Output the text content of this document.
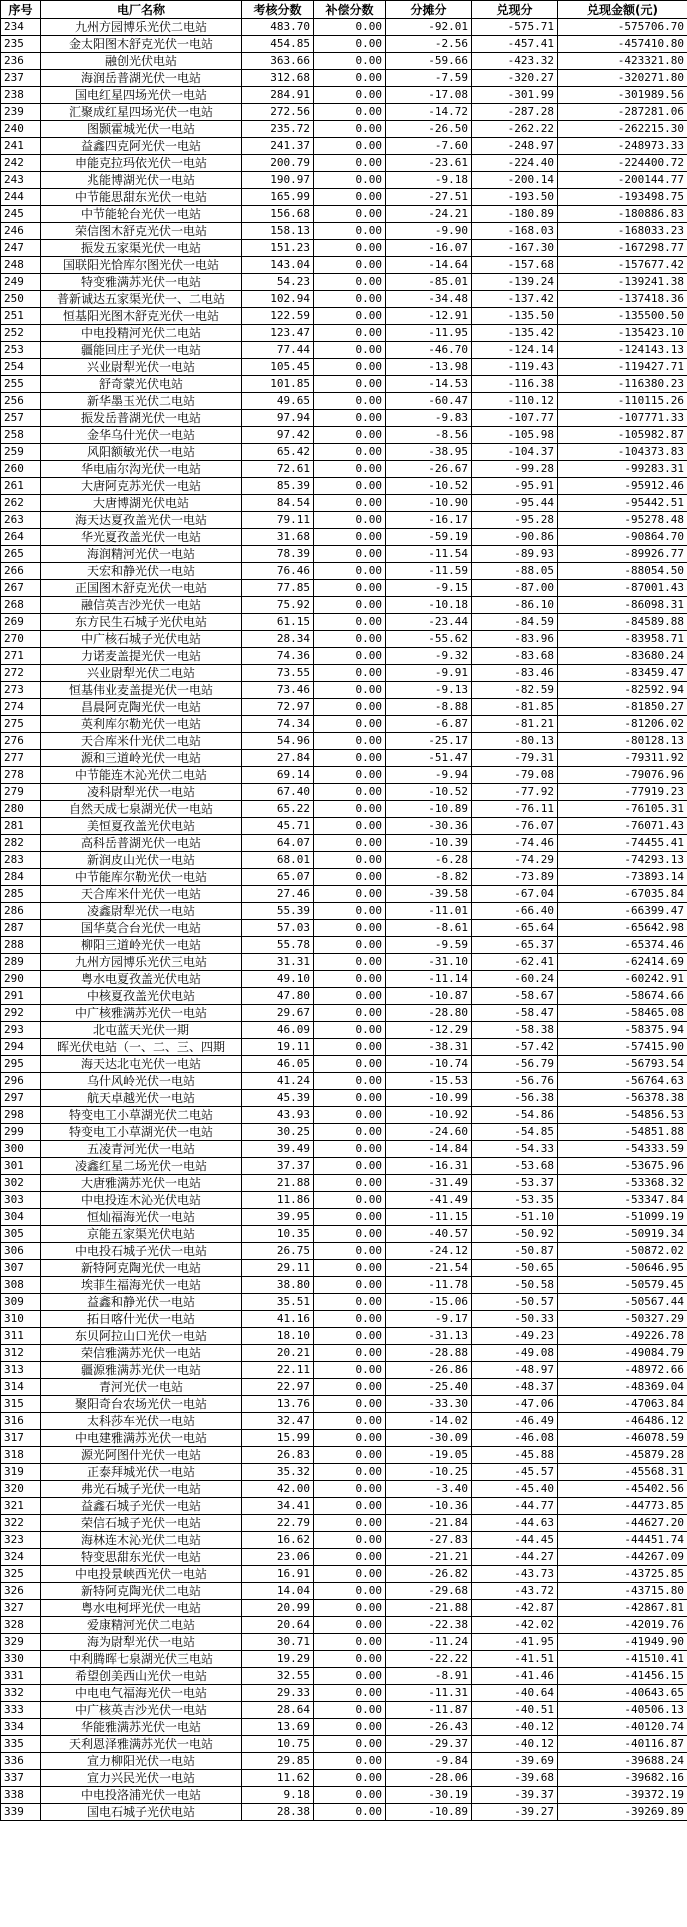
序号	电厂名称	考核分数	补偿分数	分摊分	兑现分	兑现金额(元)
234	九州方园博乐光伏二电站	483.70	0.00	-92.01	-575.71	-575706.70
235	金太阳图木舒克光伏一电站	454.85	0.00	-2.56	-457.41	-457410.80
236	融创光伏电站	363.66	0.00	-59.66	-423.32	-423321.80
237	海润岳普湖光伏一电站	312.68	0.00	-7.59	-320.27	-320271.80
238	国电红星四场光伏一电站	284.91	0.00	-17.08	-301.99	-301989.56
239	汇聚成红星四场光伏一电站	272.56	0.00	-14.72	-287.28	-287281.06
240	图颢霍城光伏一电站	235.72	0.00	-26.50	-262.22	-262215.30
241	益鑫四克阿光伏一电站	241.37	0.00	-7.60	-248.97	-248973.33
242	申能克拉玛依光伏一电站	200.79	0.00	-23.61	-224.40	-224400.72
243	兆能博湖光伏一电站	190.97	0.00	-9.18	-200.14	-200144.77
244	中节能思甜东光伏一电站	165.99	0.00	-27.51	-193.50	-193498.75
245	中节能轮台光伏一电站	156.68	0.00	-24.21	-180.89	-180886.83
246	荣信图木舒克光伏一电站	158.13	0.00	-9.90	-168.03	-168033.23
247	振发五家渠光伏一电站	151.23	0.00	-16.07	-167.30	-167298.77
248	国联阳光恰库尔图光伏一电站	143.04	0.00	-14.64	-157.68	-157677.42
249	特变雅满苏光伏一电站	54.23	0.00	-85.01	-139.24	-139241.38
250	普新诚达五家渠光伏一、二电站	102.94	0.00	-34.48	-137.42	-137418.36
251	恒基阳光图木舒克光伏一电站	122.59	0.00	-12.91	-135.50	-135500.50
252	中电投精河光伏二电站	123.47	0.00	-11.95	-135.42	-135423.10
253	疆能回庄子光伏一电站	77.44	0.00	-46.70	-124.14	-124143.13
254	兴业尉犁光伏一电站	105.45	0.00	-13.98	-119.43	-119427.71
255	舒奇蒙光伏电站	101.85	0.00	-14.53	-116.38	-116380.23
256	新华墨玉光伏二电站	49.65	0.00	-60.47	-110.12	-110115.26
257	振发岳普湖光伏一电站	97.94	0.00	-9.83	-107.77	-107771.33
258	金华乌什光伏一电站	97.42	0.00	-8.56	-105.98	-105982.87
259	风阳额敏光伏一电站	65.42	0.00	-38.95	-104.37	-104373.83
260	华电庙尔沟光伏一电站	72.61	0.00	-26.67	-99.28	-99283.31
261	大唐阿克苏光伏一电站	85.39	0.00	-10.52	-95.91	-95912.46
262	大唐博湖光伏电站	84.54	0.00	-10.90	-95.44	-95442.51
263	海天达夏孜盖光伏一电站	79.11	0.00	-16.17	-95.28	-95278.48
264	华光夏孜盖光伏一电站	31.68	0.00	-59.19	-90.86	-90864.70
265	海润精河光伏一电站	78.39	0.00	-11.54	-89.93	-89926.77
266	天宏和静光伏一电站	76.46	0.00	-11.59	-88.05	-88054.50
267	正国图木舒克光伏一电站	77.85	0.00	-9.15	-87.00	-87001.43
268	融信英吉沙光伏一电站	75.92	0.00	-10.18	-86.10	-86098.31
269	东方民生石城子光伏电站	61.15	0.00	-23.44	-84.59	-84589.88
270	中广核石城子光伏电站	28.34	0.00	-55.62	-83.96	-83958.71
271	力诺麦盖提光伏一电站	74.36	0.00	-9.32	-83.68	-83680.24
272	兴业尉犁光伏二电站	73.55	0.00	-9.91	-83.46	-83459.47
273	恒基伟业麦盖提光伏一电站	73.46	0.00	-9.13	-82.59	-82592.94
274	昌晨阿克陶光伏一电站	72.97	0.00	-8.88	-81.85	-81850.27
275	英利库尔勒光伏一电站	74.34	0.00	-6.87	-81.21	-81206.02
276	天合库米什光伏二电站	54.96	0.00	-25.17	-80.13	-80128.13
277	源和三道岭光伏一电站	27.84	0.00	-51.47	-79.31	-79311.92
278	中节能连木沁光伏二电站	69.14	0.00	-9.94	-79.08	-79076.96
279	凌科尉犁光伏一电站	67.40	0.00	-10.52	-77.92	-77919.23
280	自然天成七泉湖光伏一电站	65.22	0.00	-10.89	-76.11	-76105.31
281	美恒夏孜盖光伏电站	45.71	0.00	-30.36	-76.07	-76071.43
282	高科岳普湖光伏一电站	64.07	0.00	-10.39	-74.46	-74455.41
283	新润皮山光伏一电站	68.01	0.00	-6.28	-74.29	-74293.13
284	中节能库尔勒光伏一电站	65.07	0.00	-8.82	-73.89	-73893.14
285	天合库米什光伏一电站	27.46	0.00	-39.58	-67.04	-67035.84
286	凌鑫尉犁光伏一电站	55.39	0.00	-11.01	-66.40	-66399.47
287	国华莫合台光伏一电站	57.03	0.00	-8.61	-65.64	-65642.98
288	柳阳三道岭光伏一电站	55.78	0.00	-9.59	-65.37	-65374.46
289	九州方园博乐光伏三电站	31.31	0.00	-31.10	-62.41	-62414.69
290	粤水电夏孜盖光伏电站	49.10	0.00	-11.14	-60.24	-60242.91
291	中核夏孜盖光伏电站	47.80	0.00	-10.87	-58.67	-58674.66
292	中广核雅满苏光伏一电站	29.67	0.00	-28.80	-58.47	-58465.08
293	北屯蓝天光伏一期	46.09	0.00	-12.29	-58.38	-58375.94
294	晖光伏电站（一、二、三、四期	19.11	0.00	-38.31	-57.42	-57415.90
295	海天达北屯光伏一电站	46.05	0.00	-10.74	-56.79	-56793.54
296	乌什风岭光伏一电站	41.24	0.00	-15.53	-56.76	-56764.63
297	航天卓越光伏一电站	45.39	0.00	-10.99	-56.38	-56378.38
298	特变电工小草湖光伏二电站	43.93	0.00	-10.92	-54.86	-54856.53
299	特变电工小草湖光伏一电站	30.25	0.00	-24.60	-54.85	-54851.88
300	五凌青河光伏一电站	39.49	0.00	-14.84	-54.33	-54333.59
301	凌鑫红星二场光伏一电站	37.37	0.00	-16.31	-53.68	-53675.96
302	大唐雅满苏光伏一电站	21.88	0.00	-31.49	-53.37	-53368.32
303	中电投连木沁光伏电站	11.86	0.00	-41.49	-53.35	-53347.84
304	恒灿福海光伏一电站	39.95	0.00	-11.15	-51.10	-51099.19
305	京能五家渠光伏电站	10.35	0.00	-40.57	-50.92	-50919.34
306	中电投石城子光伏一电站	26.75	0.00	-24.12	-50.87	-50872.02
307	新特阿克陶光伏一电站	29.11	0.00	-21.54	-50.65	-50646.95
308	埃菲生福海光伏一电站	38.80	0.00	-11.78	-50.58	-50579.45
309	益鑫和静光伏一电站	35.51	0.00	-15.06	-50.57	-50567.44
310	拓日喀什光伏一电站	41.16	0.00	-9.17	-50.33	-50327.29
311	东贝阿拉山口光伏一电站	18.10	0.00	-31.13	-49.23	-49226.78
312	荣信雅满苏光伏一电站	20.21	0.00	-28.88	-49.08	-49084.79
313	疆源雅满苏光伏一电站	22.11	0.00	-26.86	-48.97	-48972.66
314	青河光伏一电站	22.97	0.00	-25.40	-48.37	-48369.04
315	聚阳奇台农场光伏一电站	13.76	0.00	-33.30	-47.06	-47063.84
316	太科莎车光伏一电站	32.47	0.00	-14.02	-46.49	-46486.12
317	中电建雅满苏光伏一电站	15.99	0.00	-30.09	-46.08	-46078.59
318	源光阿图什光伏一电站	26.83	0.00	-19.05	-45.88	-45879.28
319	正泰拜城光伏一电站	35.32	0.00	-10.25	-45.57	-45568.31
320	弗光石城子光伏一电站	42.00	0.00	-3.40	-45.40	-45402.56
321	益鑫石城子光伏一电站	34.41	0.00	-10.36	-44.77	-44773.85
322	荣信石城子光伏一电站	22.79	0.00	-21.84	-44.63	-44627.20
323	海林连木沁光伏二电站	16.62	0.00	-27.83	-44.45	-44451.74
324	特变思甜东光伏一电站	23.06	0.00	-21.21	-44.27	-44267.09
325	中电投景峡西光伏一电站	16.91	0.00	-26.82	-43.73	-43725.85
326	新特阿克陶光伏二电站	14.04	0.00	-29.68	-43.72	-43715.80
327	粤水电柯坪光伏一电站	20.99	0.00	-21.88	-42.87	-42867.81
328	爱康精河光伏二电站	20.64	0.00	-22.38	-42.02	-42019.76
329	海为尉犁光伏一电站	30.71	0.00	-11.24	-41.95	-41949.90
330	中利腾晖七泉湖光伏三电站	19.29	0.00	-22.22	-41.51	-41510.41
331	希望创美西山光伏一电站	32.55	0.00	-8.91	-41.46	-41456.15
332	中电电气福海光伏一电站	29.33	0.00	-11.31	-40.64	-40643.65
333	中广核英吉沙光伏一电站	28.64	0.00	-11.87	-40.51	-40506.13
334	华能雅满苏光伏一电站	13.69	0.00	-26.43	-40.12	-40120.74
335	天利恩泽雅满苏光伏一电站	10.75	0.00	-29.37	-40.12	-40116.87
336	宣力柳阳光伏一电站	29.85	0.00	-9.84	-39.69	-39688.24
337	宣力兴民光伏一电站	11.62	0.00	-28.06	-39.68	-39682.16
338	中电投洛浦光伏一电站	9.18	0.00	-30.19	-39.37	-39372.19
339	国电石城子光伏电站	28.38	0.00	-10.89	-39.27	-39269.89
